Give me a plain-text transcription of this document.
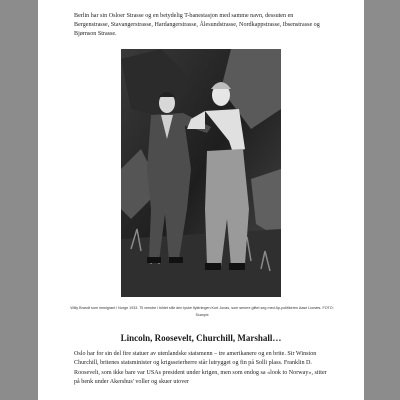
Berlin har sin Osloer Strasse og en betydelig T-banestasjon med samme navn, dessuten en Bergenstrasse, Stavangerstrasse, Hardangerstrasse, Ålesundstrasse, Nordkappstrasse, Ibsenstrasse og Bjørnson Strasse.

Willy Brandt som immigrant i Norge 1933. Til venstre i bildet står den tyske flyktningen Kurt Jonas, som senere giftet seg med Ap-politikeren Aase Lionæs. FOTO: Scanpix

Lincoln, Roosevelt, Churchill, Marshall…

Oslo har for sin del fire statuer av utenlandske statsmenn – tre amerikanere og en brite. Sir Winston Churchill, britenes statsminister og krigsseierherre står lutrygget og fin på Solli plass. Franklin D. Roosevelt, som ikke bare var USAs president under krigen, men som endog sa «look to Norway», sitter på benk under Akershus' voller og skuer utover
